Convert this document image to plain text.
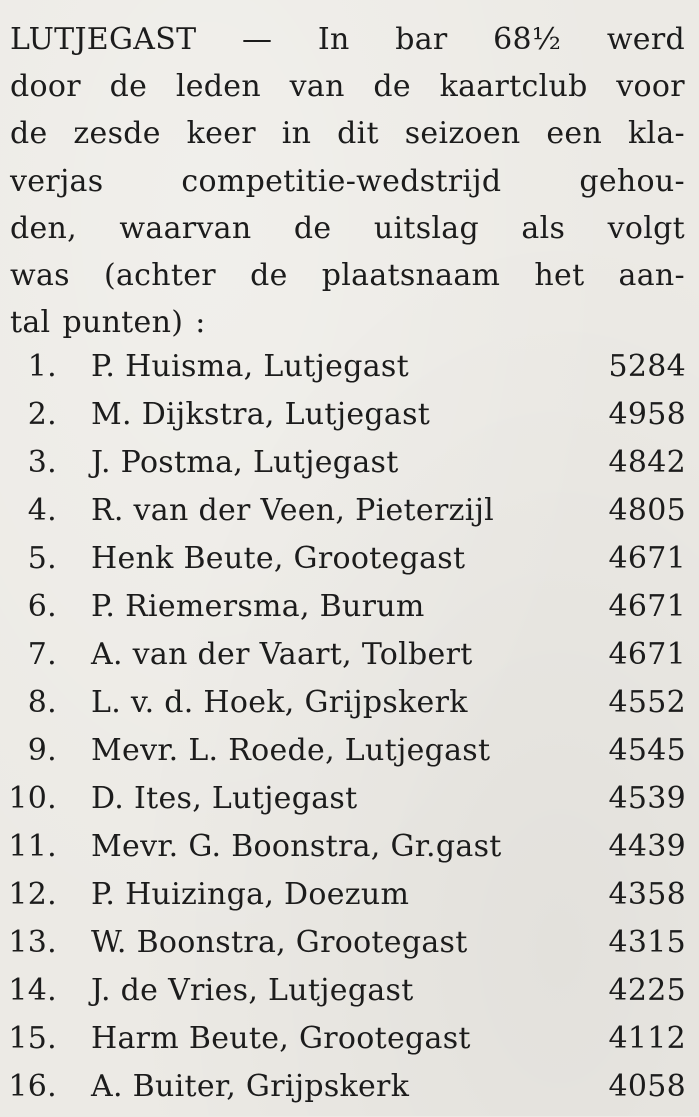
LUTJEGAST — In bar 68½ werd
door de leden van de kaartclub voor
de zesde keer in dit seizoen een kla-
verjas	competitie-wedstrijd	gehou-
den, waarvan de uitslag als volgt
was (achter de plaatsnaam het aan-
tal punten) :
1. P. Huisma, Lutjegast	5284
2. M. Dijkstra, Lutjegast	4958
3. J. Postma, Lutjegast	4842
4. R. van der Veen, Pieterzijl	4805
5. Henk Beute, Grootegast	4671
6. P. Riemersma, Burum	4671
7. A. van der Vaart, Tolbert	4671
8. L. v. d. Hoek, Grijpskerk	4552
9. Mevr. L. Roede, Lutjegast	4545
10. D. Ites, Lutjegast	4539
11. Mevr. G. Boonstra, Gr.gast	4439
12. P. Huizinga, Doezum	4358
13. W. Boonstra, Grootegast	4315
14. J. de Vries, Lutjegast	4225
15. Harm Beute, Grootegast	4112
16. A. Buiter, Grijpskerk	4058
